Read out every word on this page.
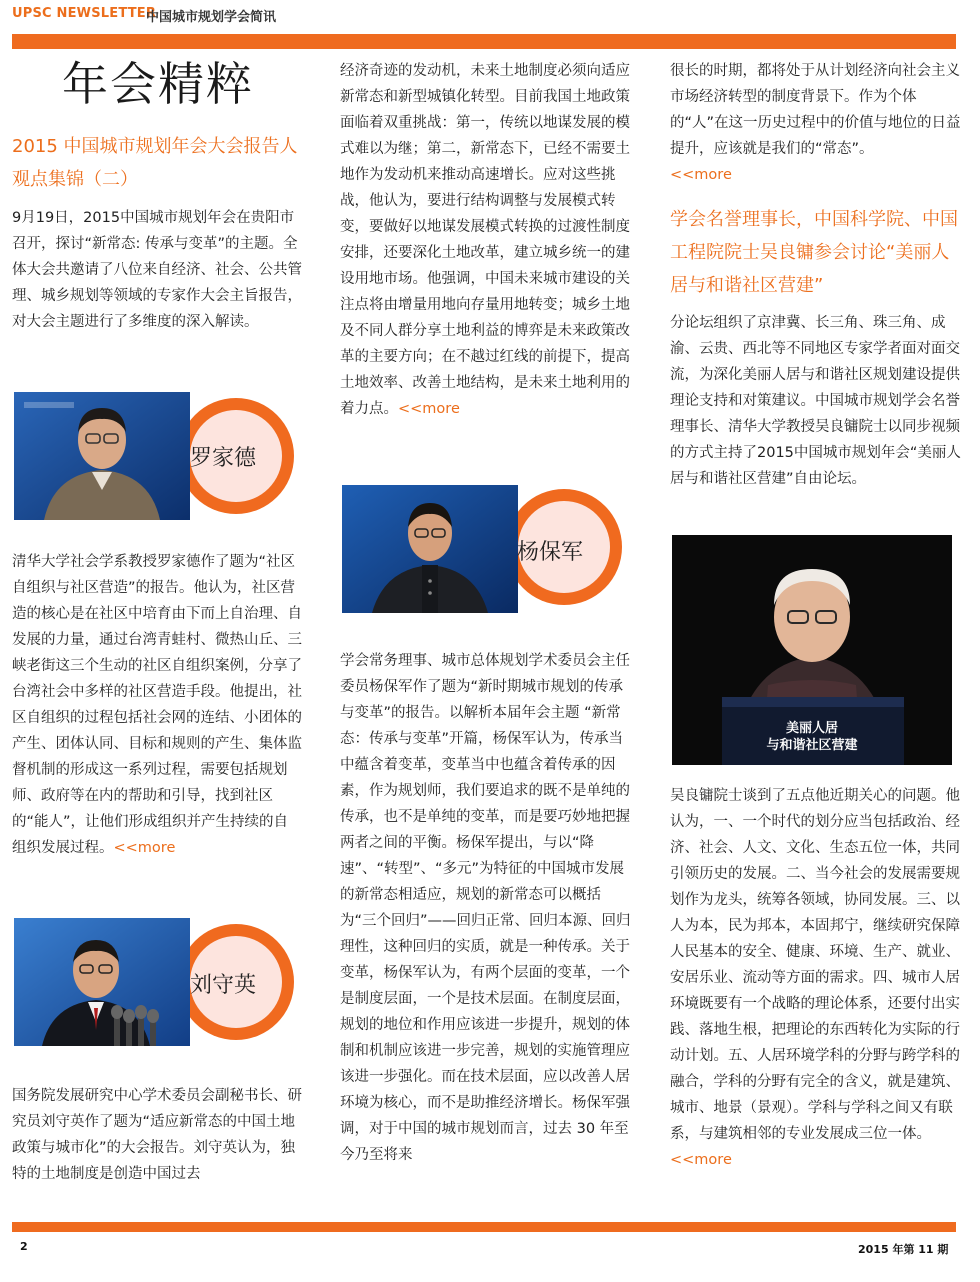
UPSC NEWSLETTER
中国城市规划学会简讯
年会精粹
2015 中国城市规划年会大会报告人观点集锦（二）

9月19日，2015中国城市规划年会在贵阳市召开，探讨“新常态: 传承与变革”的主题。全体大会共邀请了八位来自经济、社会、公共管理、城乡规划等领域的专家作大会主旨报告，对大会主题进行了多维度的深入解读。

罗家德

清华大学社会学系教授罗家德作了题为“社区自组织与社区营造”的报告。他认为，社区营造的核心是在社区中培育由下而上自治理、自发展的力量，通过台湾青蛙村、微热山丘、三峡老街这三个生动的社区自组织案例，分享了台湾社会中多样的社区营造手段。他提出，社区自组织的过程包括社会网的连结、小团体的产生、团体认同、目标和规则的产生、集体监督机制的形成这一系列过程，需要包括规划师、政府等在内的帮助和引导，找到社区的“能人”，让他们形成组织并产生持续的自组织发展过程。<<more

刘守英

国务院发展研究中心学术委员会副秘书长、研究员刘守英作了题为“适应新常态的中国土地政策与城市化”的大会报告。刘守英认为，独特的土地制度是创造中国过去

经济奇迹的发动机，未来土地制度必须向适应新常态和新型城镇化转型。目前我国土地政策面临着双重挑战：第一，传统以地谋发展的模式难以为继；第二，新常态下，已经不需要土地作为发动机来推动高速增长。应对这些挑战，他认为，要进行结构调整与发展模式转变，要做好以地谋发展模式转换的过渡性制度安排，还要深化土地改革，建立城乡统一的建设用地市场。他强调，中国未来城市建设的关注点将由增量用地向存量用地转变；城乡土地及不同人群分享土地利益的博弈是未来政策改革的主要方向；在不越过红线的前提下，提高土地效率、改善土地结构，是未来土地利用的着力点。<<more

杨保军

学会常务理事、城市总体规划学术委员会主任委员杨保军作了题为“新时期城市规划的传承与变革”的报告。以解析本届年会主题 “新常态：传承与变革”开篇，杨保军认为，传承当中蕴含着变革，变革当中也蕴含着传承的因素，作为规划师，我们要追求的既不是单纯的传承，也不是单纯的变革，而是要巧妙地把握两者之间的平衡。杨保军提出，与以“降速”、“转型”、“多元”为特征的中国城市发展的新常态相适应，规划的新常态可以概括为“三个回归”——回归正常、回归本源、回归理性，这种回归的实质，就是一种传承。关于变革，杨保军认为，有两个层面的变革，一个是制度层面，一个是技术层面。在制度层面，规划的地位和作用应该进一步提升，规划的体制和机制应该进一步完善，规划的实施管理应该进一步强化。而在技术层面，应以改善人居环境为核心，而不是助推经济增长。杨保军强调，对于中国的城市规划而言，过去 30 年至今乃至将来

很长的时期，都将处于从计划经济向社会主义市场经济转型的制度背景下。作为个体的“人”在这一历史过程中的价值与地位的日益提升，应该就是我们的“常态”。
<<more

学会名誉理事长，中国科学院、中国工程院院士吴良镛参会讨论“美丽人居与和谐社区营建”

分论坛组织了京津冀、长三角、珠三角、成渝、云贵、西北等不同地区专家学者面对面交流，为深化美丽人居与和谐社区规划建设提供理论支持和对策建议。中国城市规划学会名誉理事长、清华大学教授吴良镛院士以同步视频的方式主持了2015中国城市规划年会“美丽人居与和谐社区营建”自由论坛。

美丽人居
与和谐社区营建

吴良镛院士谈到了五点他近期关心的问题。他认为，一、一个时代的划分应当包括政治、经济、社会、人文、文化、生态五位一体，共同引领历史的发展。二、当今社会的发展需要规划作为龙头，统筹各领域，协同发展。三、以人为本，民为邦本，本固邦宁，继续研究保障人民基本的安全、健康、环境、生产、就业、安居乐业、流动等方面的需求。四、城市人居环境既要有一个战略的理论体系，还要付出实践、落地生根，把理论的东西转化为实际的行动计划。五、人居环境学科的分野与跨学科的融合，学科的分野有完全的含义，就是建筑、城市、地景（景观）。学科与学科之间又有联系，与建筑相邻的专业发展成三位一体。<<more

2	2015 年第 11 期
